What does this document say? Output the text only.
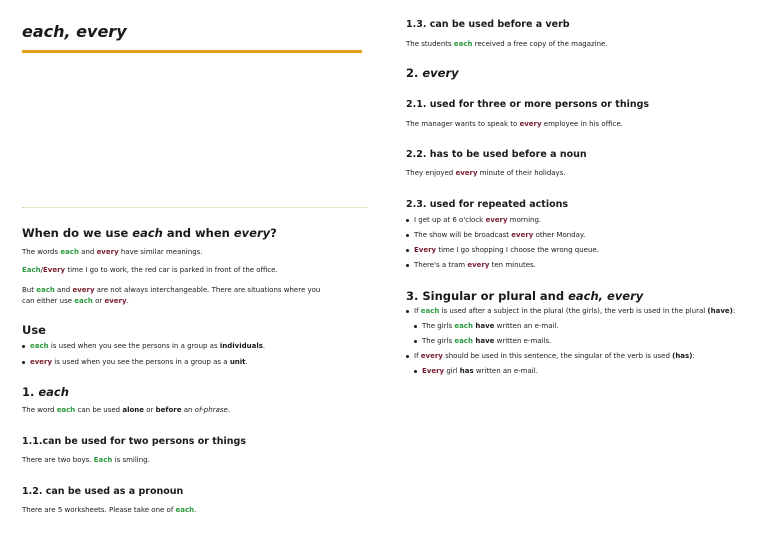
each, every
When do we use each and when every?

The words each and every have similar meanings.

Each/Every time I go to work, the red car is parked in front of the office.

But each and every are not always interchangeable. There are situations where you can either use each or every.

Use
each is used when you see the persons in a group as individuals.
every is used when you see the persons in a group as a unit.
1. each

The word each can be used alone or before an of-phrase.

1.1.can be used for two persons or things

There are two boys. Each is smiling.

1.2. can be used as a pronoun

There are 5 worksheets. Please take one of each.

1.3. can be used before a verb

The students each received a free copy of the magazine.

2. every
2.1. used for three or more persons or things

The manager wants to speak to every employee in his office.

2.2. has to be used before a noun

They enjoyed every minute of their holidays.

2.3. used for repeated actions
I get up at 6 o'clock every morning.
The show will be broadcast every other Monday.
Every time I go shopping I choose the wrong queue.
There's a tram every ten minutes.
3. Singular or plural and each, every
If each is used after a subject in the plural (the girls), the verb is used in the plural (have):
The girls each have written an e-mail.
The girls each have written e-mails.
If every should be used in this sentence, the singular of the verb is used (has):
Every girl has written an e-mail.
